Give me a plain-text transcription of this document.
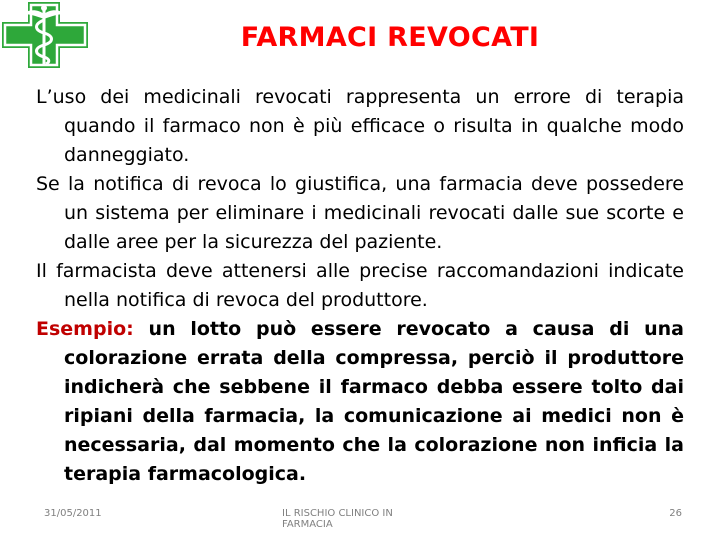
FARMACI REVOCATI

L’uso dei medicinali revocati rappresenta un errore di terapia quando il farmaco non è più efficace o risulta in qualche modo danneggiato.

Se la notifica di revoca lo giustifica, una farmacia deve possedere un sistema per eliminare i medicinali revocati dalle sue scorte e dalle aree per la sicurezza del paziente.

Il farmacista deve attenersi alle precise raccomandazioni indicate nella notifica di revoca del produttore.

Esempio: un lotto può essere revocato a causa di una colorazione errata della compressa, perciò il produttore indicherà che sebbene il farmaco debba essere tolto dai ripiani della farmacia, la comunicazione ai medici non è necessaria, dal momento che la colorazione non inficia la terapia farmacologica.

31/05/2011	IL RISCHIO CLINICO IN FARMACIA
26
